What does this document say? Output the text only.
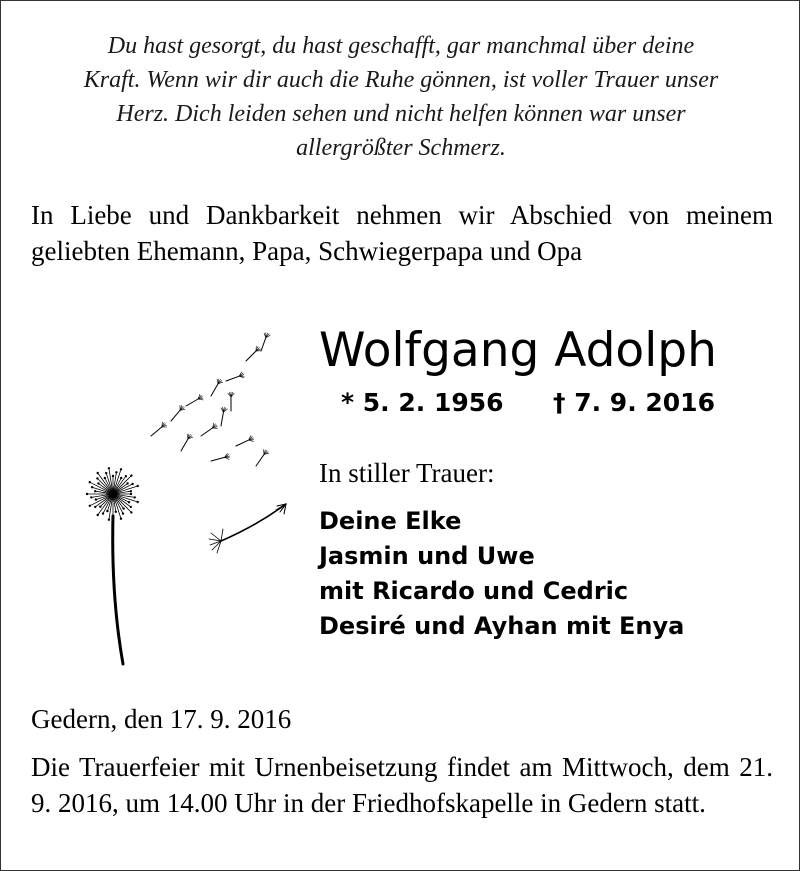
Du hast gesorgt, du hast geschafft, gar manchmal über deine
Kraft. Wenn wir dir auch die Ruhe gönnen, ist voller Trauer unser
Herz. Dich leiden sehen und nicht helfen können war unser
allergrößter Schmerz.
In Liebe und Dankbarkeit nehmen wir Abschied von meinem geliebten Ehemann, Papa, Schwiegerpapa und Opa
Wolfgang Adolph
* 5. 2. 1956 † 7. 9. 2016
In stiller Trauer:
Deine Elke
Jasmin und Uwe
mit Ricardo und Cedric
Desiré und Ayhan mit Enya
Gedern, den 17. 9. 2016
Die Trauerfeier mit Urnenbeisetzung findet am Mittwoch, dem 21. 9. 2016, um 14.00 Uhr in der Friedhofskapelle in Gedern statt.
